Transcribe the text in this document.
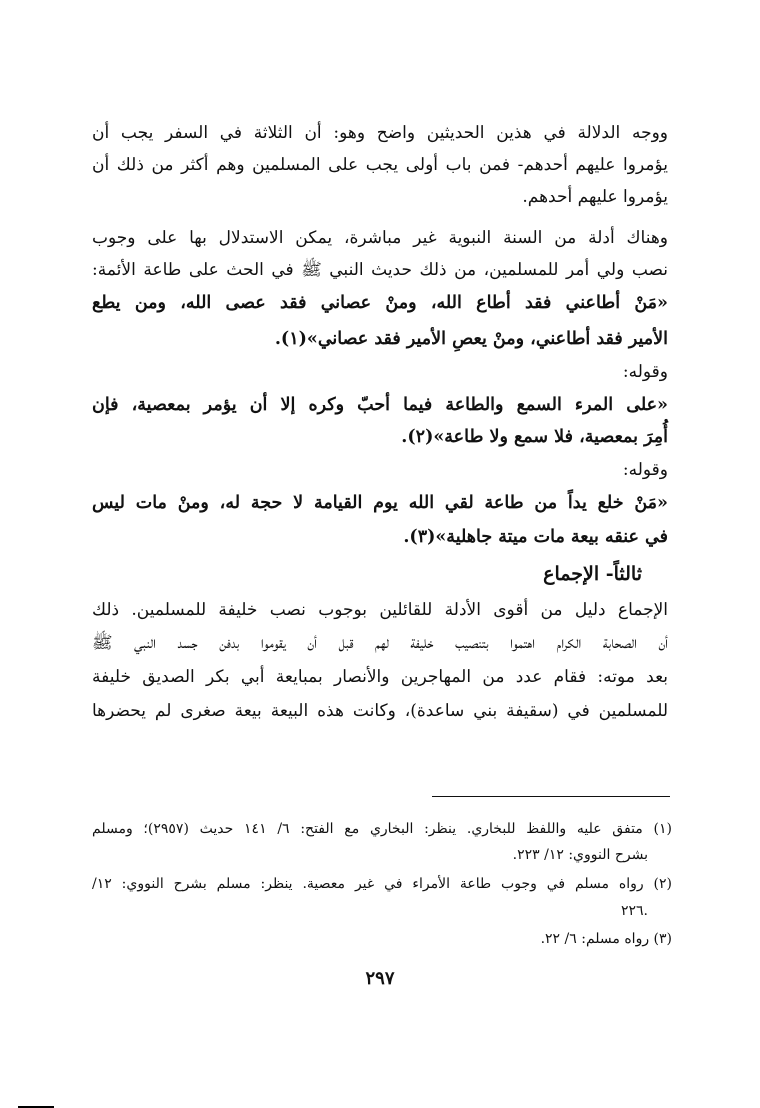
ووجه الدلالة في هذين الحديثين واضح وهو: أن الثلاثة في السفر يجب أن
يؤمروا عليهم أحدهم- فمن باب أولى يجب على المسلمين وهم أكثر من ذلك أن
يؤمروا عليهم أحدهم.
وهناك أدلة من السنة النبوية غير مباشرة، يمكن الاستدلال بها على وجوب
نصب ولي أمر للمسلمين، من ذلك حديث النبي ﷺ في الحث على طاعة الأئمة:
«مَنْ أطاعني فقد أطاع الله، ومنْ عصاني فقد عصى الله، ومن يطع
الأمير فقد أطاعني، ومنْ يعصِ الأمير فقد عصاني»(١).
وقوله:
«على المرء السمع والطاعة فيما أحبّ وكره إلا أن يؤمر بمعصية، فإن
أُمِرَ بمعصية، فلا سمع ولا طاعة»(٢).
وقوله:
«مَنْ خلع يداً من طاعة لقي الله يوم القيامة لا حجة له، ومنْ مات ليس
في عنقه بيعة مات ميتة جاهلية»(٣).
ثالثاً- الإجماع
الإجماع دليل من أقوى الأدلة للقائلين بوجوب نصب خليفة للمسلمين. ذلك
أن الصحابة الكرام اهتموا بتنصيب خليفة لهم قبل أن يقوموا بدفن جسد النبي ﷺ
بعد موته: فقام عدد من المهاجرين والأنصار بمبايعة أبي بكر الصديق خليفة
للمسلمين في (سقيفة بني ساعدة)، وكانت هذه البيعة بيعة صغرى لم يحضرها
(١) متفق عليه واللفظ للبخاري. ينظر: البخاري مع الفتح: ٦/ ١٤١ حديث (٢٩٥٧)؛ ومسلم
بشرح النووي: ١٢/ ٢٢٣.
(٢) رواه مسلم في وجوب طاعة الأمراء في غير معصية. ينظر: مسلم بشرح النووي: ١٢/
.٢٢٦
(٣) رواه مسلم: ٦/ ٢٢.
٢٩٧
